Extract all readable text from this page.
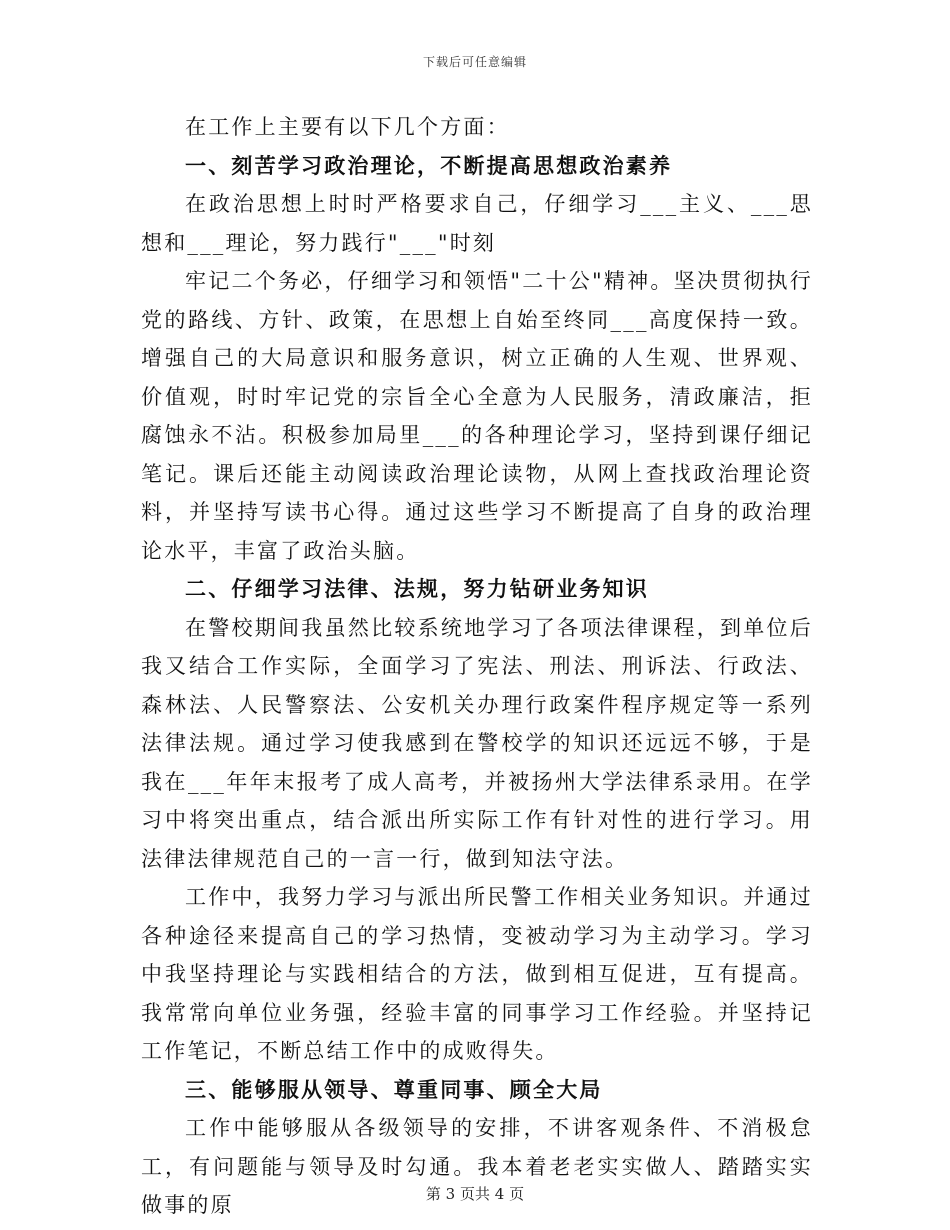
下载后可任意编辑

在工作上主要有以下几个方面：

一、刻苦学习政治理论，不断提高思想政治素养

在政治思想上时时严格要求自己，仔细学习___主义、___思想和___理论，努力践行"___"时刻

牢记二个务必，仔细学习和领悟"二十公"精神。坚决贯彻执行党的路线、方针、政策，在思想上自始至终同___高度保持一致。增强自己的大局意识和服务意识，树立正确的人生观、世界观、价值观，时时牢记党的宗旨全心全意为人民服务，清政廉洁，拒腐蚀永不沾。积极参加局里___的各种理论学习，坚持到课仔细记笔记。课后还能主动阅读政治理论读物，从网上查找政治理论资料，并坚持写读书心得。通过这些学习不断提高了自身的政治理论水平，丰富了政治头脑。

二、仔细学习法律、法规，努力钻研业务知识

在警校期间我虽然比较系统地学习了各项法律课程，到单位后我又结合工作实际，全面学习了宪法、刑法、刑诉法、行政法、森林法、人民警察法、公安机关办理行政案件程序规定等一系列法律法规。通过学习使我感到在警校学的知识还远远不够，于是我在___年年末报考了成人高考，并被扬州大学法律系录用。在学习中将突出重点，结合派出所实际工作有针对性的进行学习。用法律法律规范自己的一言一行，做到知法守法。

工作中，我努力学习与派出所民警工作相关业务知识。并通过各种途径来提高自己的学习热情，变被动学习为主动学习。学习中我坚持理论与实践相结合的方法，做到相互促进，互有提高。我常常向单位业务强，经验丰富的同事学习工作经验。并坚持记工作笔记，不断总结工作中的成败得失。

三、能够服从领导、尊重同事、顾全大局

工作中能够服从各级领导的安排，不讲客观条件、不消极怠工，有问题能与领导及时勾通。我本着老老实实做人、踏踏实实做事的原	第 3 页共 4 页
